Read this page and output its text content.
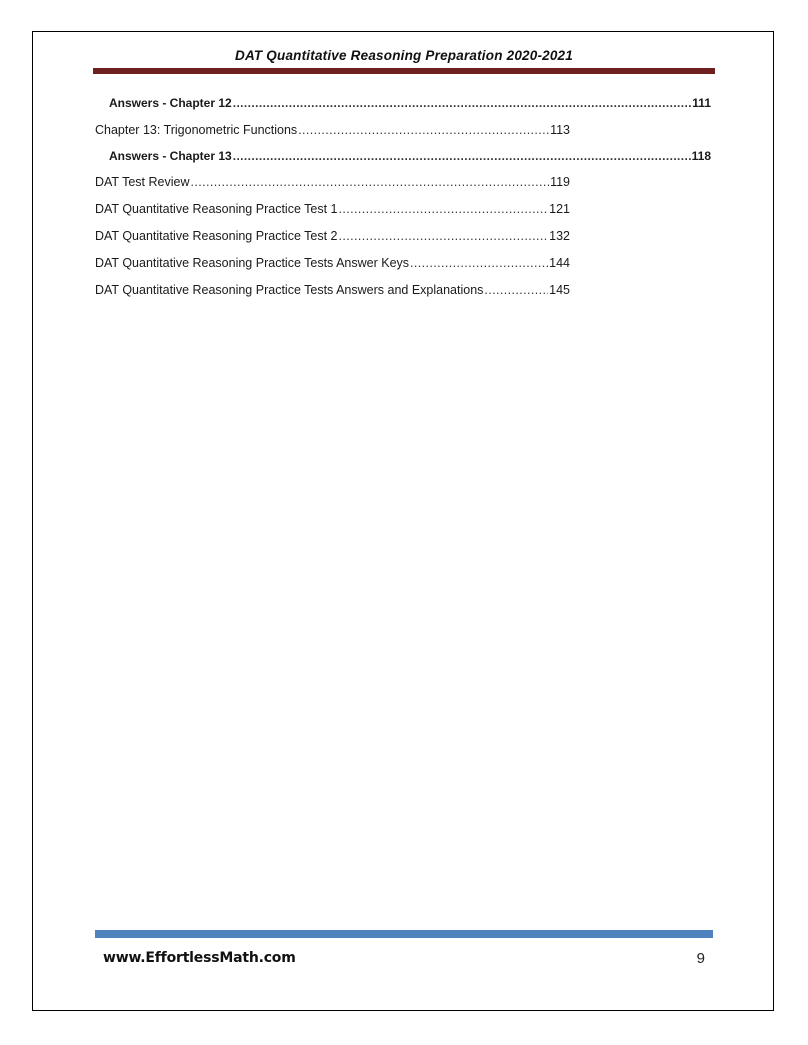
DAT Quantitative Reasoning Preparation 2020-2021
Answers - Chapter 12 .....	111
Chapter 13: Trigonometric Functions .....	113
Answers - Chapter 13 .....	118
DAT Test Review .....	119
DAT Quantitative Reasoning Practice Test 1 .....	121
DAT Quantitative Reasoning Practice Test 2 .....	132
DAT Quantitative Reasoning Practice Tests Answer Keys .....	144
DAT Quantitative Reasoning Practice Tests Answers and Explanations .....	145
www.EffortlessMath.com	9
